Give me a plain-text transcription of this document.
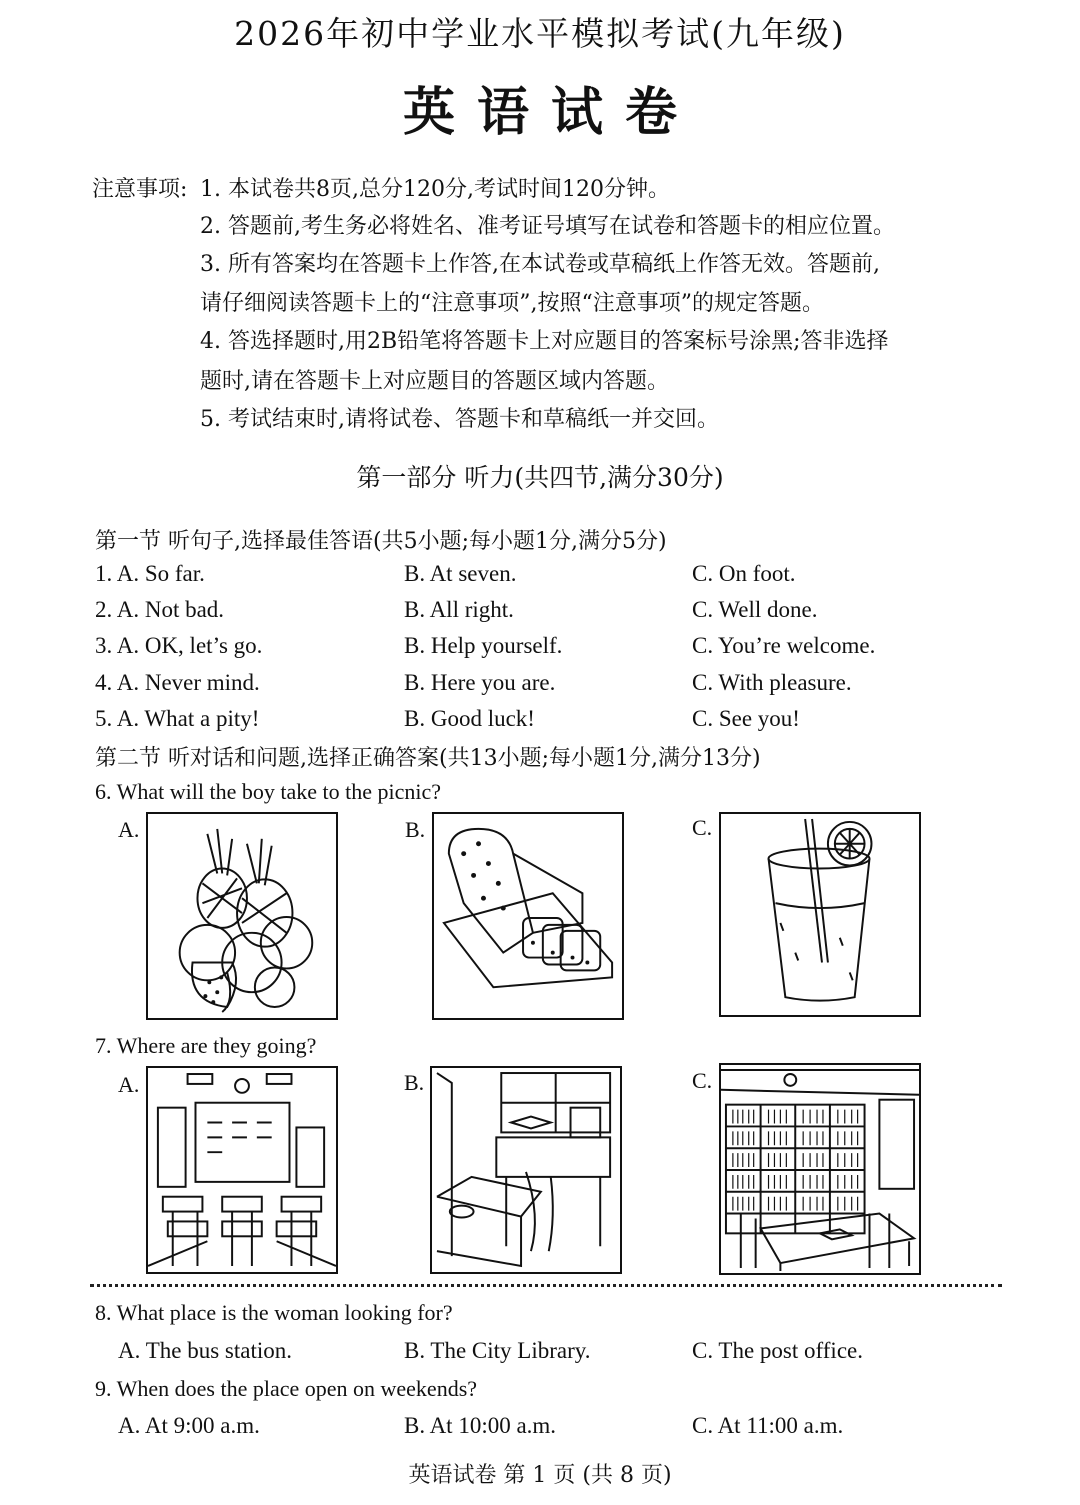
2026年初中学业水平模拟考试(九年级)
英语试卷
注意事项: 1. 本试卷共8页,总分120分,考试时间120分钟。
2. 答题前,考生务必将姓名、准考证号填写在试卷和答题卡的相应位置。
3. 所有答案均在答题卡上作答,在本试卷或草稿纸上作答无效。答题前,
请仔细阅读答题卡上的“注意事项”,按照“注意事项”的规定答题。
4. 答选择题时,用2B铅笔将答题卡上对应题目的答案标号涂黑;答非选择
题时,请在答题卡上对应题目的答题区域内答题。
5. 考试结束时,请将试卷、答题卡和草稿纸一并交回。
第一部分 听力(共四节,满分30分)
第一节 听句子,选择最佳答语(共5小题;每小题1分,满分5分)
1. A. So far.	B. At seven.	C. On foot.
2. A. Not bad.	B. All right.	C. Well done.
3. A. OK, let’s go.	B. Help yourself.	C. You’re welcome.
4. A. Never mind.	B. Here you are.	C. With pleasure.
5. A. What a pity!	B. Good luck!	C. See you!
第二节 听对话和问题,选择正确答案(共13小题;每小题1分,满分13分)
6. What will the boy take to the picnic?
A.	B.	C.
7. Where are they going?
A.	B.	C.
8. What place is the woman looking for?
A. The bus station.	B. The City Library.	C. The post office.
9. When does the place open on weekends?
A. At 9:00 a.m.	B. At 10:00 a.m.	C. At 11:00 a.m.
英语试卷 第 1 页 (共 8 页)
